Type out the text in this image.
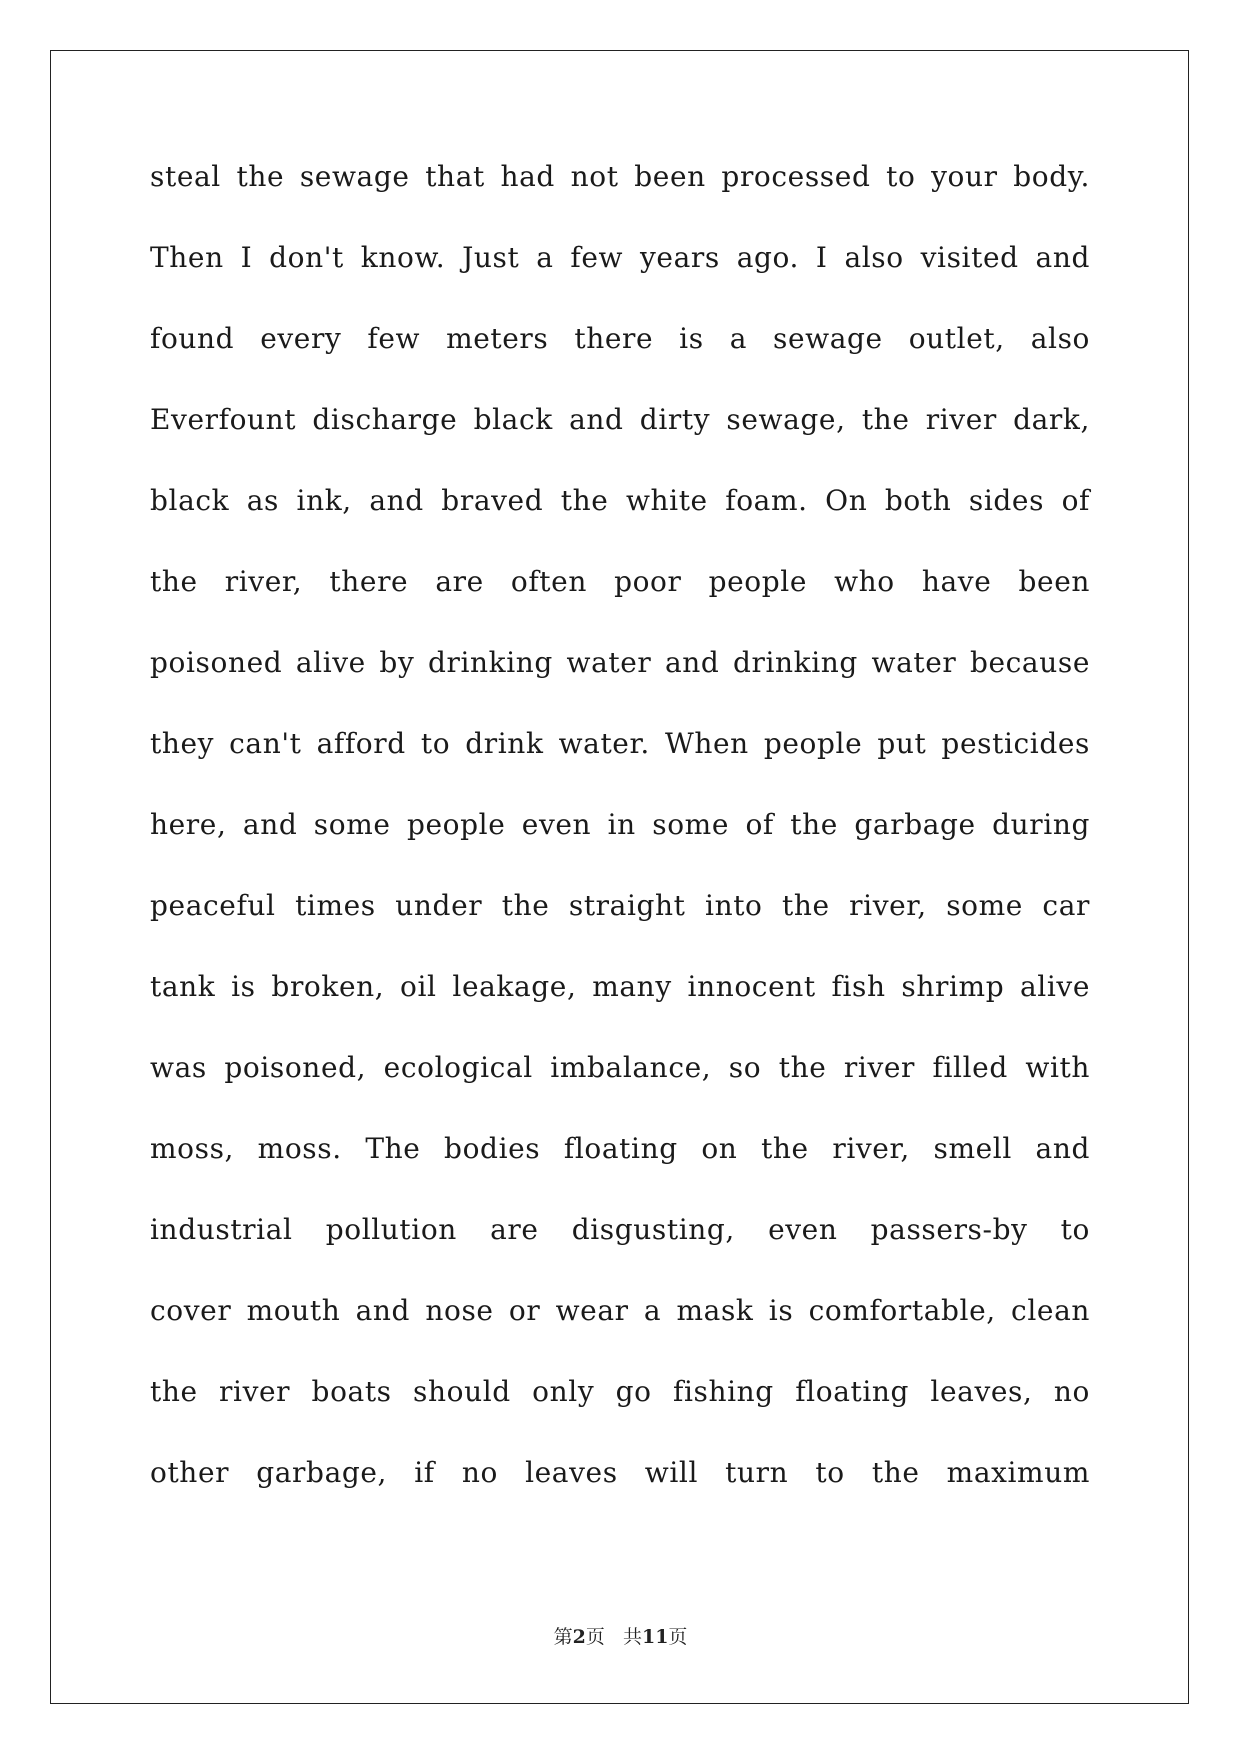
steal the sewage that had not been processed to your body.
Then I don't know. Just a few years ago. I also visited and
found every few meters there is a sewage outlet, also
Everfount discharge black and dirty sewage, the river dark,
black as ink, and braved the white foam. On both sides of
the river, there are often poor people who have been
poisoned alive by drinking water and drinking water because
they can't afford to drink water. When people put pesticides
here, and some people even in some of the garbage during
peaceful times under the straight into the river, some car
tank is broken, oil leakage, many innocent fish shrimp alive
was poisoned, ecological imbalance, so the river filled with
moss, moss. The bodies floating on the river, smell and
industrial pollution are disgusting, even passers-by to
cover mouth and nose or wear a mask is comfortable, clean
the river boats should only go fishing floating leaves, no
other garbage, if no leaves will turn to the maximum
第2页 共11页
